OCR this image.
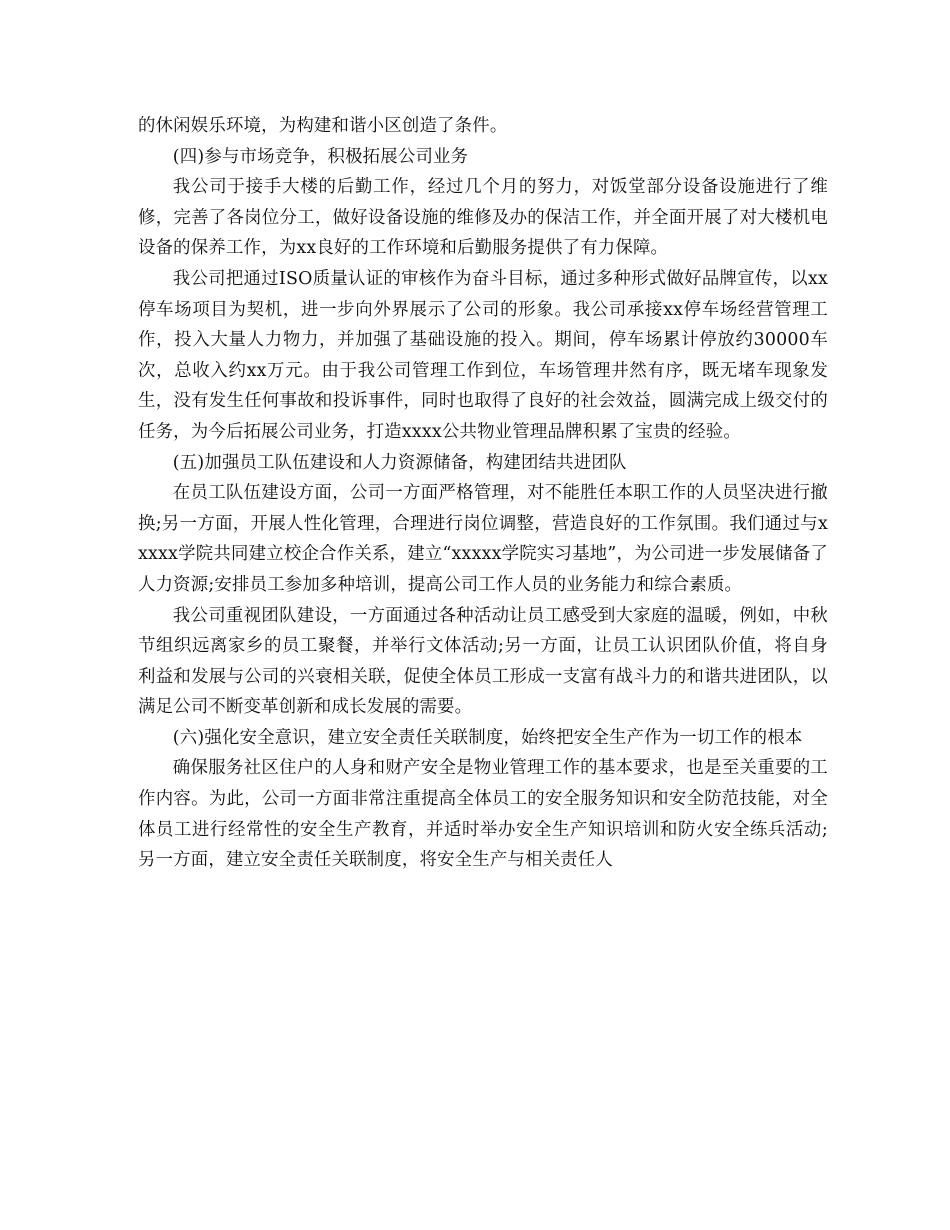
的休闲娱乐环境，为构建和谐小区创造了条件。

(四)参与市场竞争，积极拓展公司业务

我公司于接手大楼的后勤工作，经过几个月的努力，对饭堂部分设备设施进行了维修，完善了各岗位分工，做好设备设施的维修及办的保洁工作，并全面开展了对大楼机电设备的保养工作，为xx良好的工作环境和后勤服务提供了有力保障。

我公司把通过ISO质量认证的审核作为奋斗目标，通过多种形式做好品牌宣传，以xx停车场项目为契机，进一步向外界展示了公司的形象。我公司承接xx停车场经营管理工作，投入大量人力物力，并加强了基础设施的投入。期间，停车场累计停放约30000车次，总收入约xx万元。由于我公司管理工作到位，车场管理井然有序，既无堵车现象发生，没有发生任何事故和投诉事件，同时也取得了良好的社会效益，圆满完成上级交付的任务，为今后拓展公司业务，打造xxxx公共物业管理品牌积累了宝贵的经验。

(五)加强员工队伍建设和人力资源储备，构建团结共进团队

在员工队伍建设方面，公司一方面严格管理，对不能胜任本职工作的人员坚决进行撤换;另一方面，开展人性化管理，合理进行岗位调整，营造良好的工作氛围。我们通过与xxxxx学院共同建立校企合作关系，建立“xxxxx学院实习基地”，为公司进一步发展储备了人力资源;安排员工参加多种培训，提高公司工作人员的业务能力和综合素质。

我公司重视团队建设，一方面通过各种活动让员工感受到大家庭的温暖，例如，中秋节组织远离家乡的员工聚餐，并举行文体活动;另一方面，让员工认识团队价值，将自身利益和发展与公司的兴衰相关联，促使全体员工形成一支富有战斗力的和谐共进团队，以满足公司不断变革创新和成长发展的需要。

(六)强化安全意识，建立安全责任关联制度，始终把安全生产作为一切工作的根本

确保服务社区住户的人身和财产安全是物业管理工作的基本要求，也是至关重要的工作内容。为此，公司一方面非常注重提高全体员工的安全服务知识和安全防范技能，对全体员工进行经常性的安全生产教育，并适时举办安全生产知识培训和防火安全练兵活动;另一方面，建立安全责任关联制度，将安全生产与相关责任人
